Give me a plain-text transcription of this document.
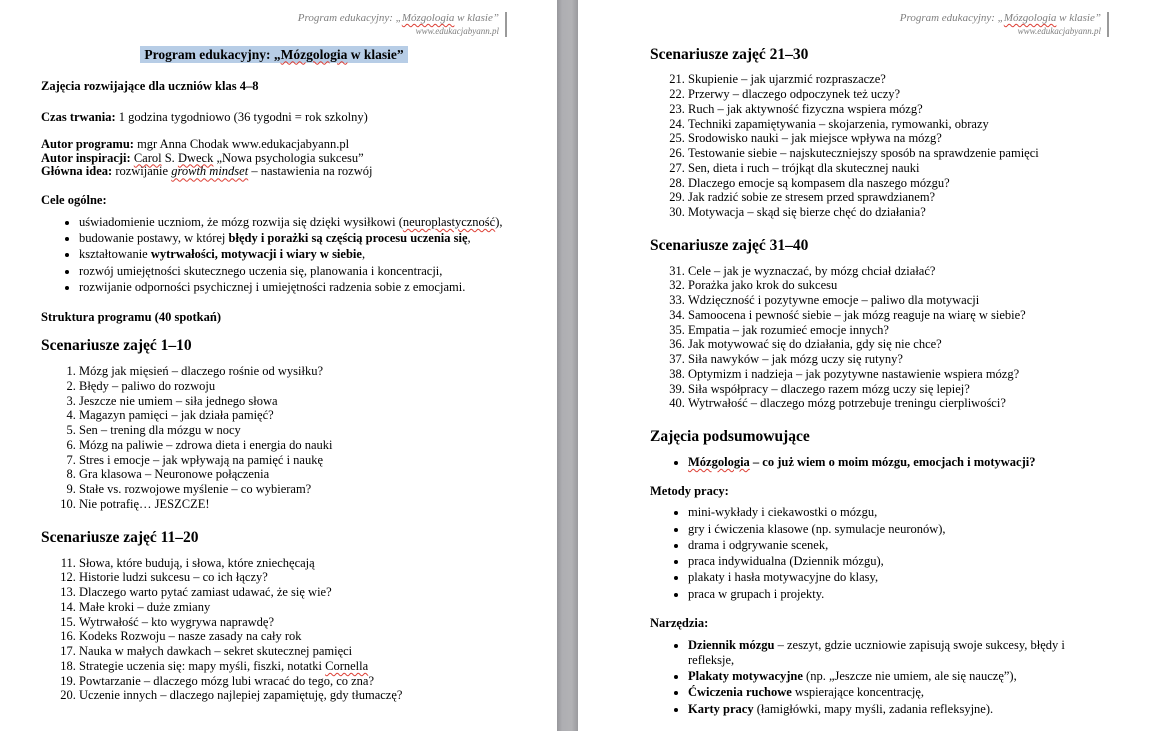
Program edukacyjny: „Mózgologia w klasie”
www.edukacjabyann.pl
Program edukacyjny: „Mózgologia w klasie”

Zajęcia rozwijające dla uczniów klas 4–8

Czas trwania: 1 godzina tygodniowo (36 tygodni = rok szkolny)

Autor programu: mgr Anna Chodak www.edukacjabyann.pl

Autor inspiracji: Carol S. Dweck „Nowa psychologia sukcesu”

Główna idea: rozwijanie growth mindset – nastawienia na rozwój

Cele ogólne:

• uświadomienie uczniom, że mózg rozwija się dzięki wysiłkowi (neuroplastyczność),
• budowanie postawy, w której błędy i porażki są częścią procesu uczenia się,
• kształtowanie wytrwałości, motywacji i wiary w siebie,
• rozwój umiejętności skutecznego uczenia się, planowania i koncentracji,
• rozwijanie odporności psychicznej i umiejętności radzenia sobie z emocjami.

Struktura programu (40 spotkań)

Scenariusze zajęć 1–10
1. Mózg jak mięsień – dlaczego rośnie od wysiłku?
2. Błędy – paliwo do rozwoju
3. Jeszcze nie umiem – siła jednego słowa
4. Magazyn pamięci – jak działa pamięć?
5. Sen – trening dla mózgu w nocy
6. Mózg na paliwie – zdrowa dieta i energia do nauki
7. Stres i emocje – jak wpływają na pamięć i naukę
8. Gra klasowa – Neuronowe połączenia
9. Stałe vs. rozwojowe myślenie – co wybieram?
10. Nie potrafię… JESZCZE!
Scenariusze zajęć 11–20
11. Słowa, które budują, i słowa, które zniechęcają
12. Historie ludzi sukcesu – co ich łączy?
13. Dlaczego warto pytać zamiast udawać, że się wie?
14. Małe kroki – duże zmiany
15. Wytrwałość – kto wygrywa naprawdę?
16. Kodeks Rozwoju – nasze zasady na cały rok
17. Nauka w małych dawkach – sekret skutecznej pamięci
18. Strategie uczenia się: mapy myśli, fiszki, notatki Cornella
19. Powtarzanie – dlaczego mózg lubi wracać do tego, co zna?
20. Uczenie innych – dlaczego najlepiej zapamiętuję, gdy tłumaczę?
Program edukacyjny: „Mózgologia w klasie”
www.edukacjabyann.pl
Scenariusze zajęć 21–30
21. Skupienie – jak ujarzmić rozpraszacze?
22. Przerwy – dlaczego odpoczynek też uczy?
23. Ruch – jak aktywność fizyczna wspiera mózg?
24. Techniki zapamiętywania – skojarzenia, rymowanki, obrazy
25. Srodowisko nauki – jak miejsce wpływa na mózg?
26. Testowanie siebie – najskuteczniejszy sposób na sprawdzenie pamięci
27. Sen, dieta i ruch – trójkąt dla skutecznej nauki
28. Dlaczego emocje są kompasem dla naszego mózgu?
29. Jak radzić sobie ze stresem przed sprawdzianem?
30. Motywacja – skąd się bierze chęć do działania?
Scenariusze zajęć 31–40
31. Cele – jak je wyznaczać, by mózg chciał działać?
32. Porażka jako krok do sukcesu
33. Wdzięczność i pozytywne emocje – paliwo dla motywacji
34. Samoocena i pewność siebie – jak mózg reaguje na wiarę w siebie?
35. Empatia – jak rozumieć emocje innych?
36. Jak motywować się do działania, gdy się nie chce?
37. Siła nawyków – jak mózg uczy się rutyny?
38. Optymizm i nadzieja – jak pozytywne nastawienie wspiera mózg?
39. Siła współpracy – dlaczego razem mózg uczy się lepiej?
40. Wytrwałość – dlaczego mózg potrzebuje treningu cierpliwości?
Zajęcia podsumowujące
• Mózgologia – co już wiem o moim mózgu, emocjach i motywacji?

Metody pracy:

• mini-wykłady i ciekawostki o mózgu,
• gry i ćwiczenia klasowe (np. symulacje neuronów),
• drama i odgrywanie scenek,
• praca indywidualna (Dziennik mózgu),
• plakaty i hasła motywacyjne do klasy,
• praca w grupach i projekty.

Narzędzia:

• Dziennik mózgu – zeszyt, gdzie uczniowie zapisują swoje sukcesy, błędy i refleksje,
• Plakaty motywacyjne (np. „Jeszcze nie umiem, ale się nauczę”),
• Ćwiczenia ruchowe wspierające koncentrację,
• Karty pracy (łamigłówki, mapy myśli, zadania refleksyjne).
